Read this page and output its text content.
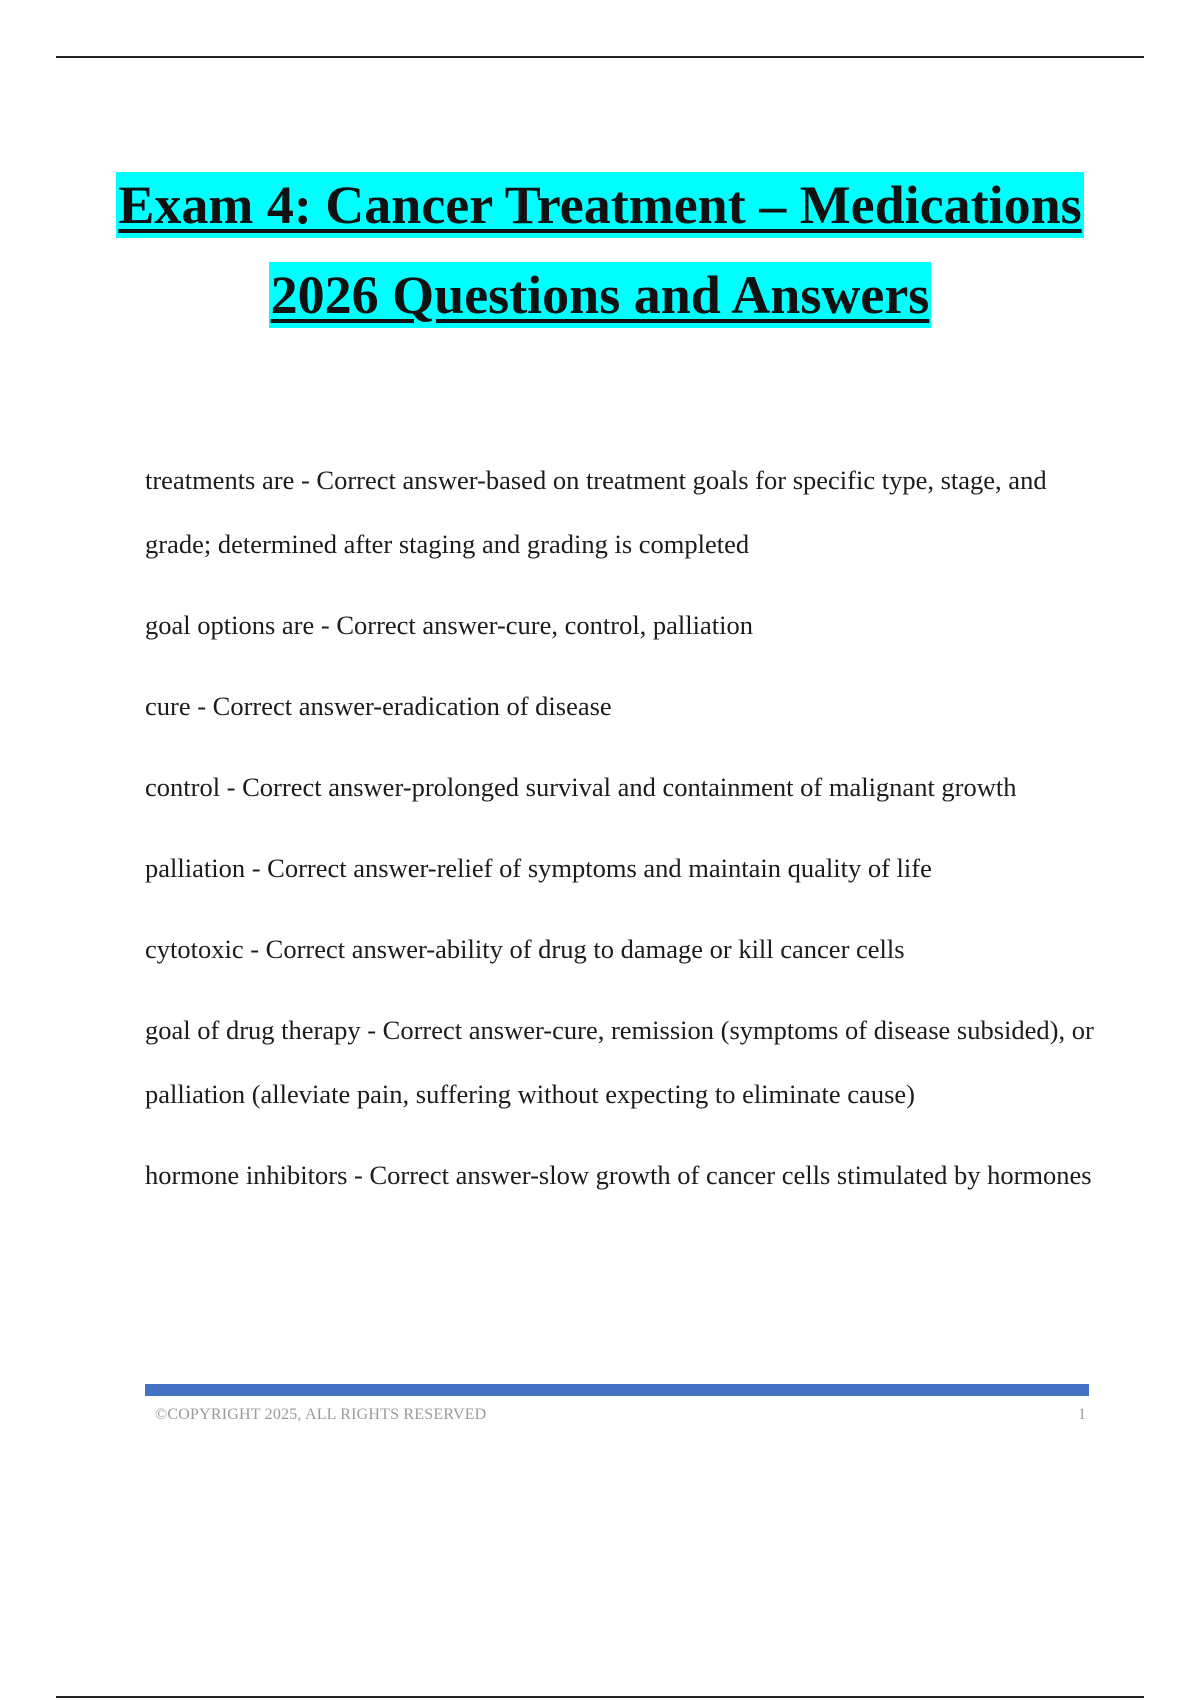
Exam 4: Cancer Treatment – Medications
2026 Questions and Answers
treatments are - Correct answer-based on treatment goals for specific type, stage, and grade; determined after staging and grading is completed
goal options are - Correct answer-cure, control, palliation
cure - Correct answer-eradication of disease
control - Correct answer-prolonged survival and containment of malignant growth
palliation - Correct answer-relief of symptoms and maintain quality of life
cytotoxic - Correct answer-ability of drug to damage or kill cancer cells
goal of drug therapy - Correct answer-cure, remission (symptoms of disease subsided), or palliation (alleviate pain, suffering without expecting to eliminate cause)
hormone inhibitors - Correct answer-slow growth of cancer cells stimulated by hormones
©COPYRIGHT 2025, ALL RIGHTS RESERVED	1
